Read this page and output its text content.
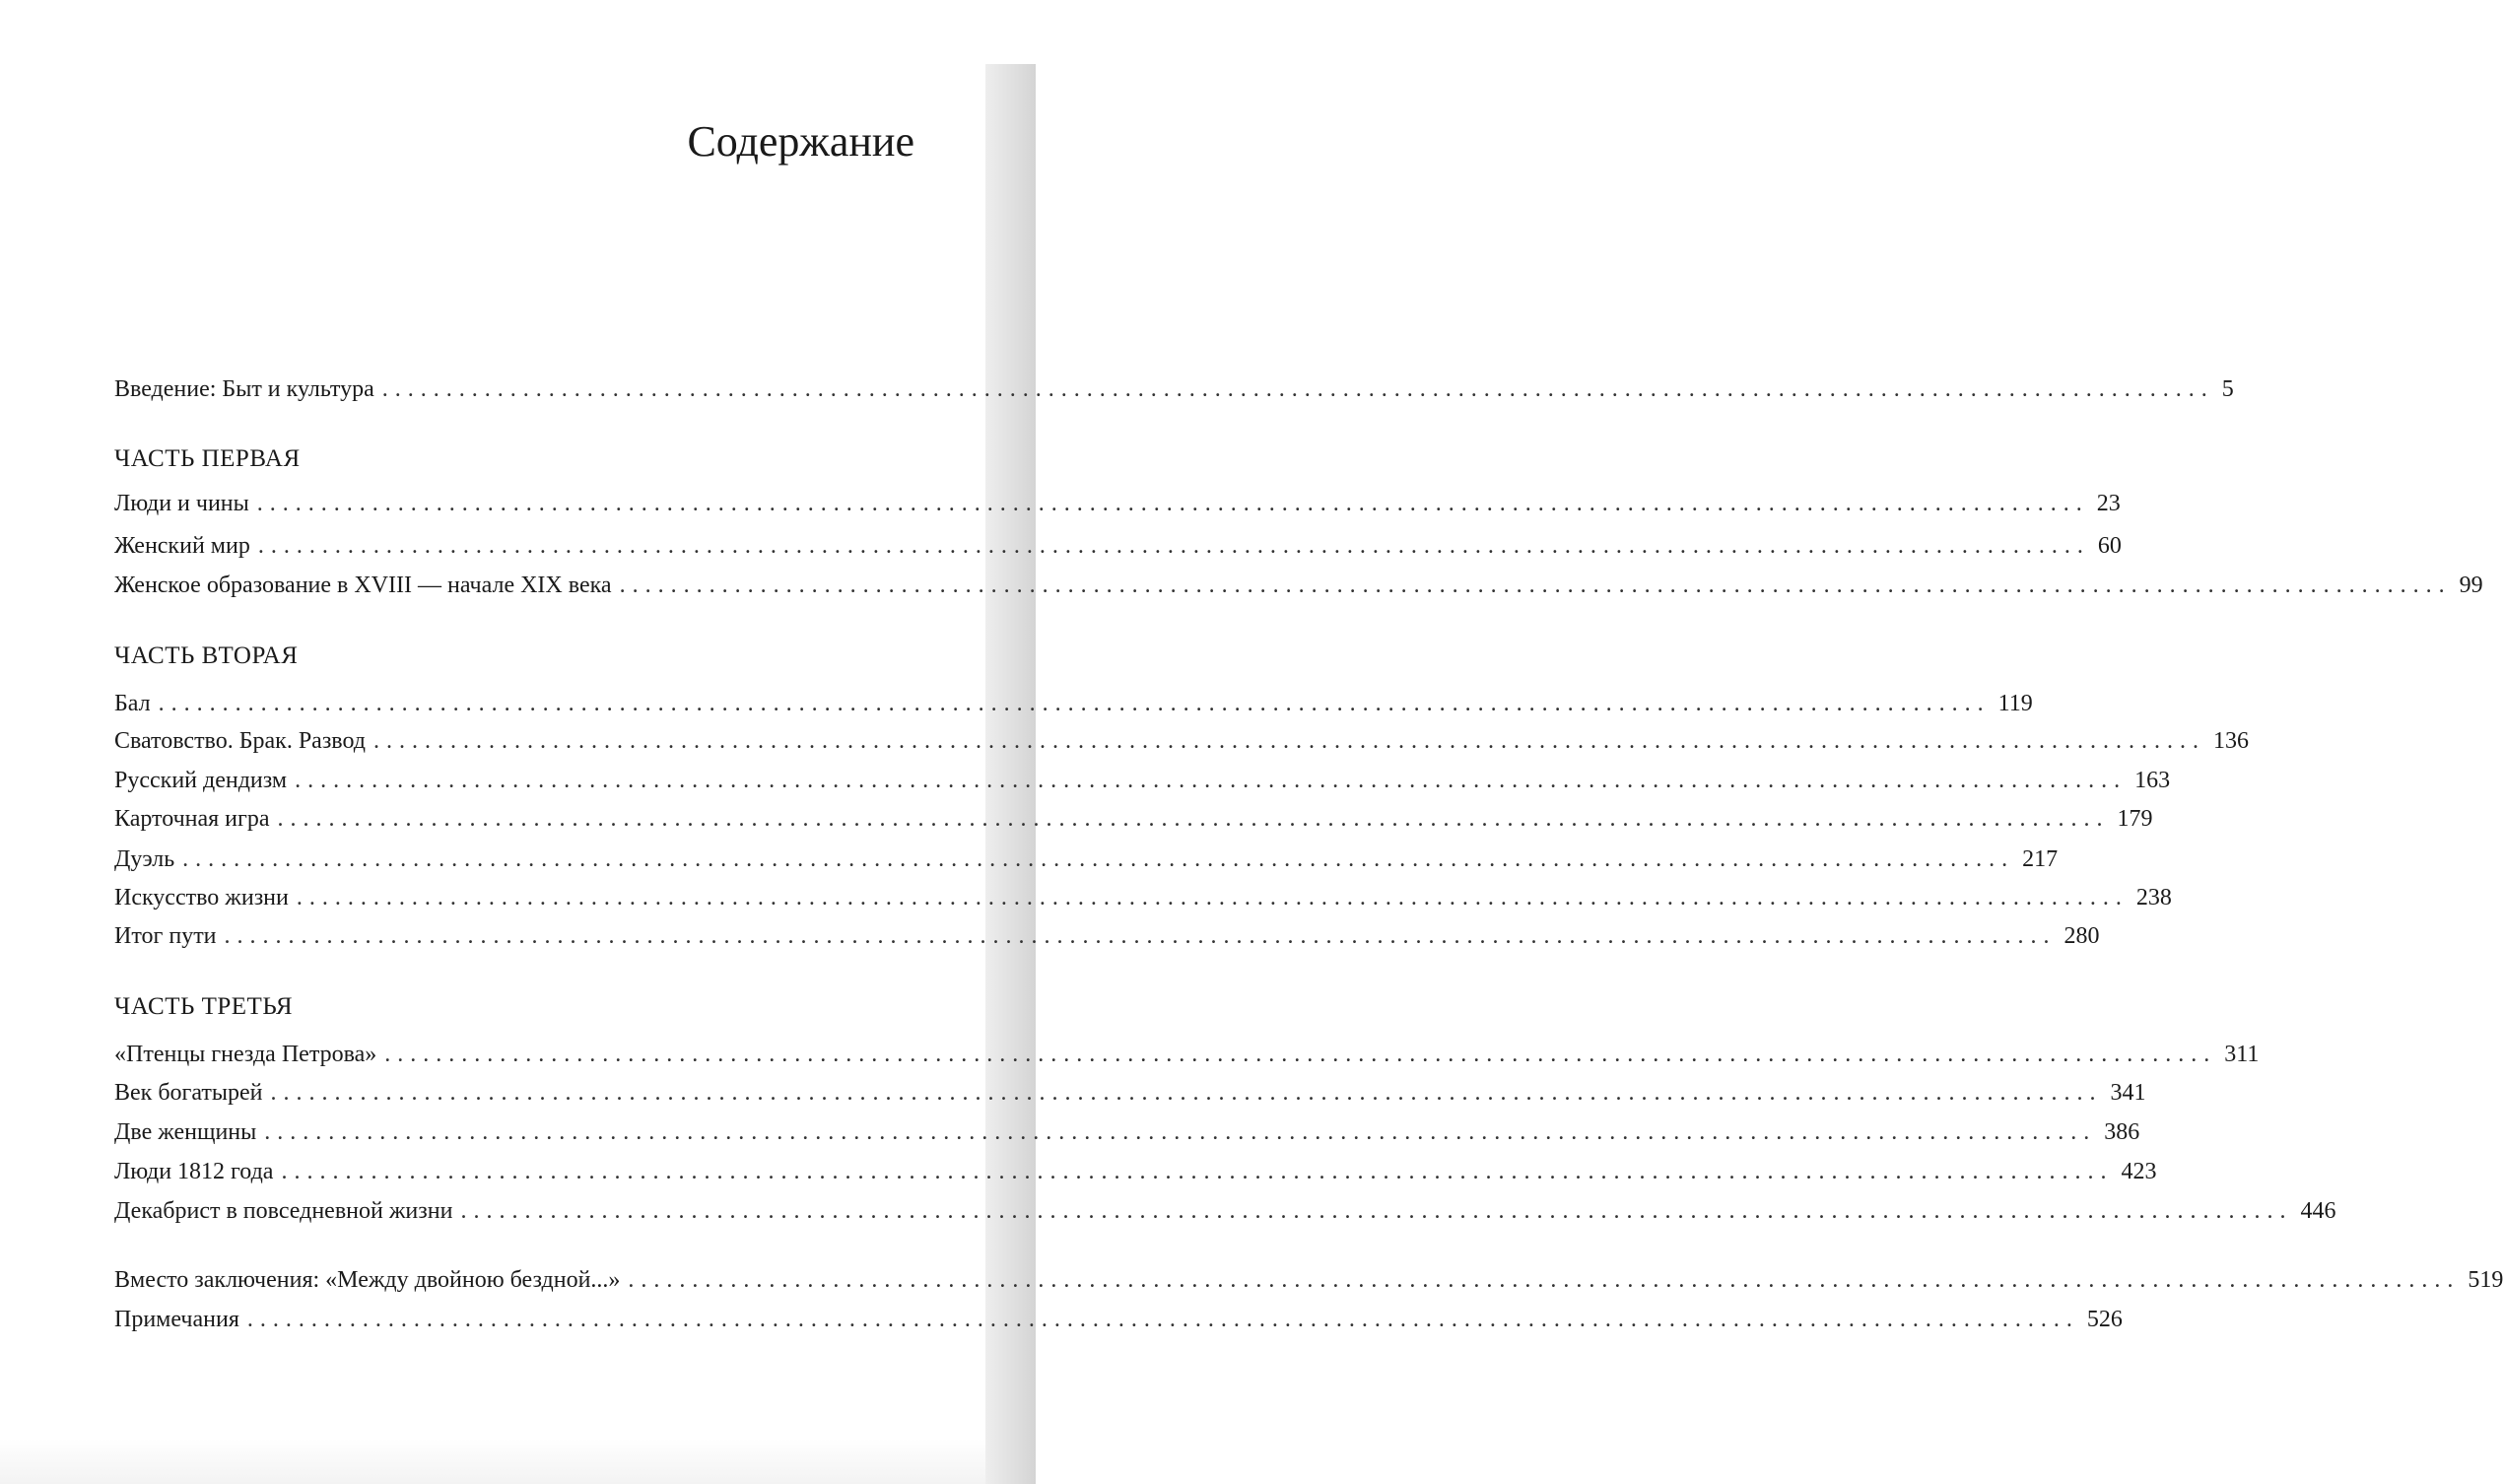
Содержание
Введение: Быт и культура ............................................................................................................................................... 5
ЧАСТЬ ПЕРВАЯ
Люди и чины ............................................................................................................................................... 23
Женский мир ............................................................................................................................................... 60
Женское образование в XVIII — начале XIX века ............................................................................................................................................... 99
ЧАСТЬ ВТОРАЯ
Бал ............................................................................................................................................... 119
Сватовство. Брак. Развод ............................................................................................................................................... 136
Русский дендизм ............................................................................................................................................... 163
Карточная игра ............................................................................................................................................... 179
Дуэль ............................................................................................................................................... 217
Искусство жизни ............................................................................................................................................... 238
Итог пути ............................................................................................................................................... 280
ЧАСТЬ ТРЕТЬЯ
«Птенцы гнезда Петрова» ............................................................................................................................................... 311
Век богатырей ............................................................................................................................................... 341
Две женщины ............................................................................................................................................... 386
Люди 1812 года ............................................................................................................................................... 423
Декабрист в повседневной жизни ............................................................................................................................................... 446
Вместо заключения: «Между двойною бездной...» ............................................................................................................................................... 519
Примечания ............................................................................................................................................... 526
